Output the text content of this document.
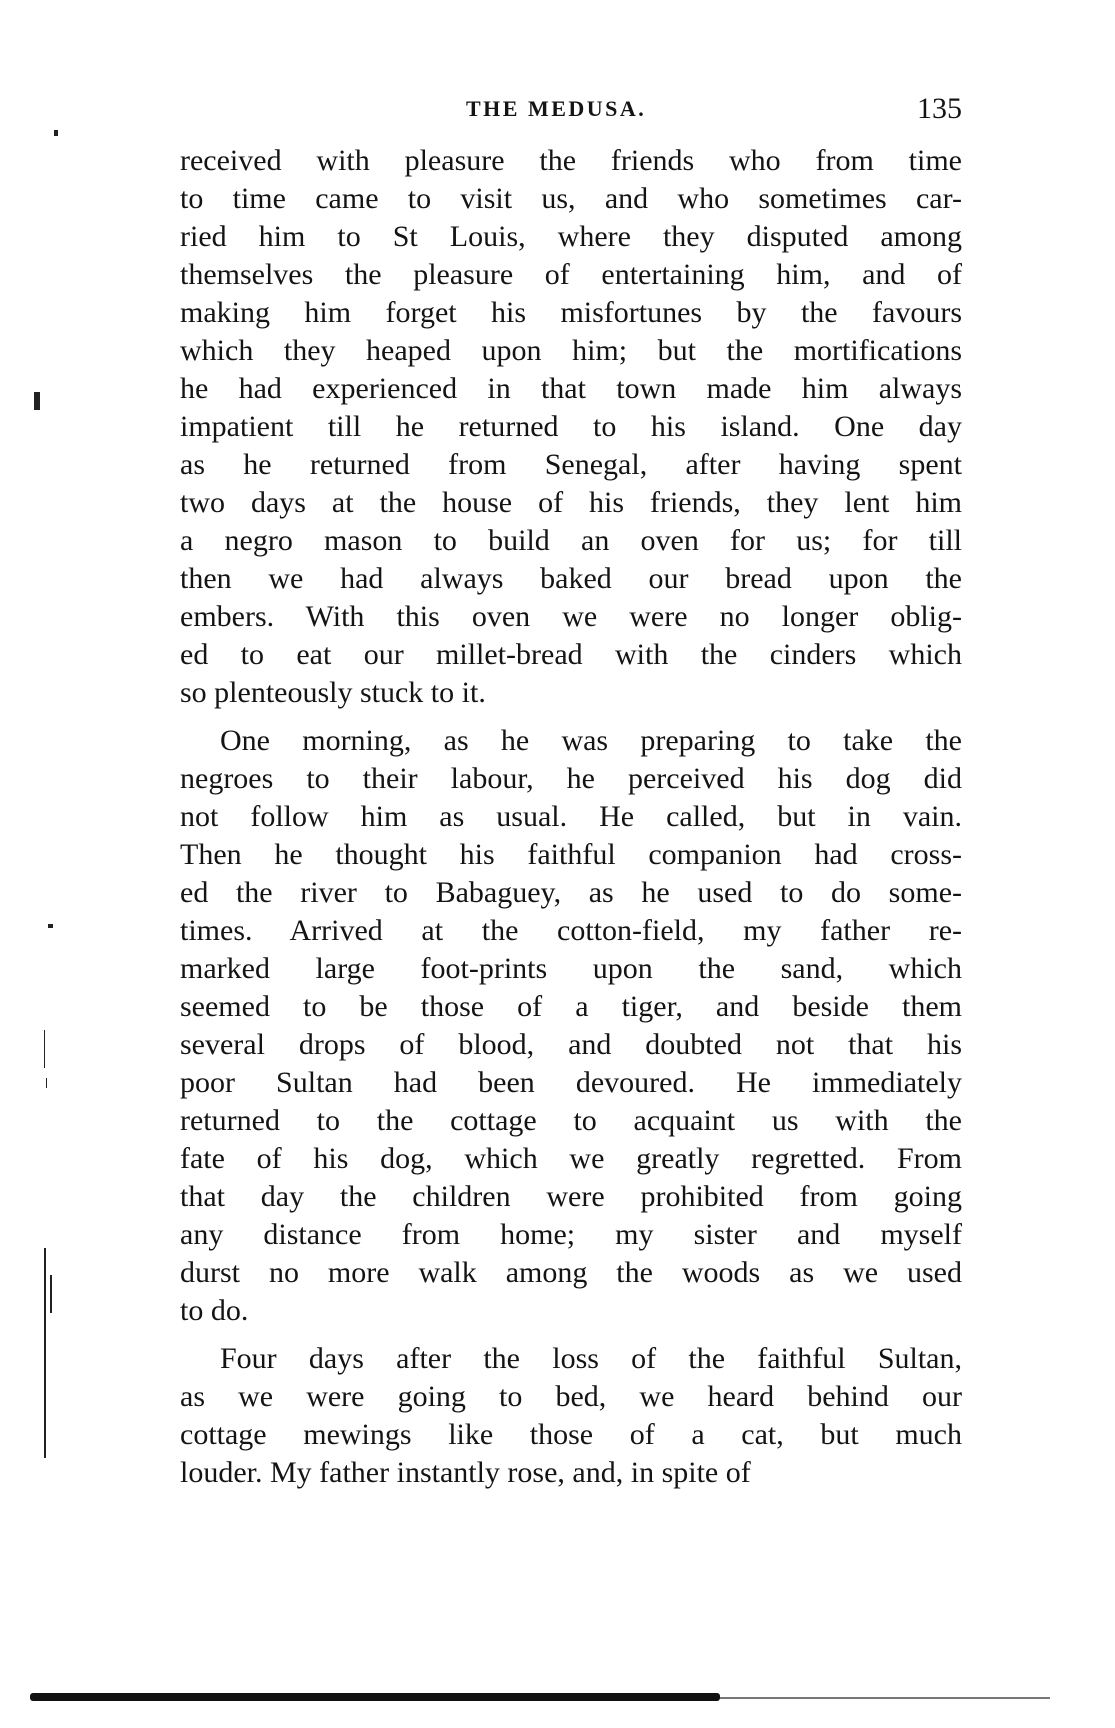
THE MEDUSA.	135
received with pleasure the friends who from time
to time came to visit us, and who sometimes car-
ried him to St Louis, where they disputed among
themselves the pleasure of entertaining him, and of
making him forget his misfortunes by the favours
which they heaped upon him; but the mortifications
he had experienced in that town made him always
impatient till he returned to his island. One day
as he returned from Senegal, after having spent
two days at the house of his friends, they lent him
a negro mason to build an oven for us; for till
then we had always baked our bread upon the
embers. With this oven we were no longer oblig-
ed to eat our millet-bread with the cinders which
so plenteously stuck to it.
One morning, as he was preparing to take the
negroes to their labour, he perceived his dog did
not follow him as usual. He called, but in vain.
Then he thought his faithful companion had cross-
ed the river to Babaguey, as he used to do some-
times. Arrived at the cotton-field, my father re-
marked large foot-prints upon the sand, which
seemed to be those of a tiger, and beside them
several drops of blood, and doubted not that his
poor Sultan had been devoured. He immediately
returned to the cottage to acquaint us with the
fate of his dog, which we greatly regretted. From
that day the children were prohibited from going
any distance from home; my sister and myself
durst no more walk among the woods as we used
to do.
Four days after the loss of the faithful Sultan,
as we were going to bed, we heard behind our
cottage mewings like those of a cat, but much
louder. My father instantly rose, and, in spite of
